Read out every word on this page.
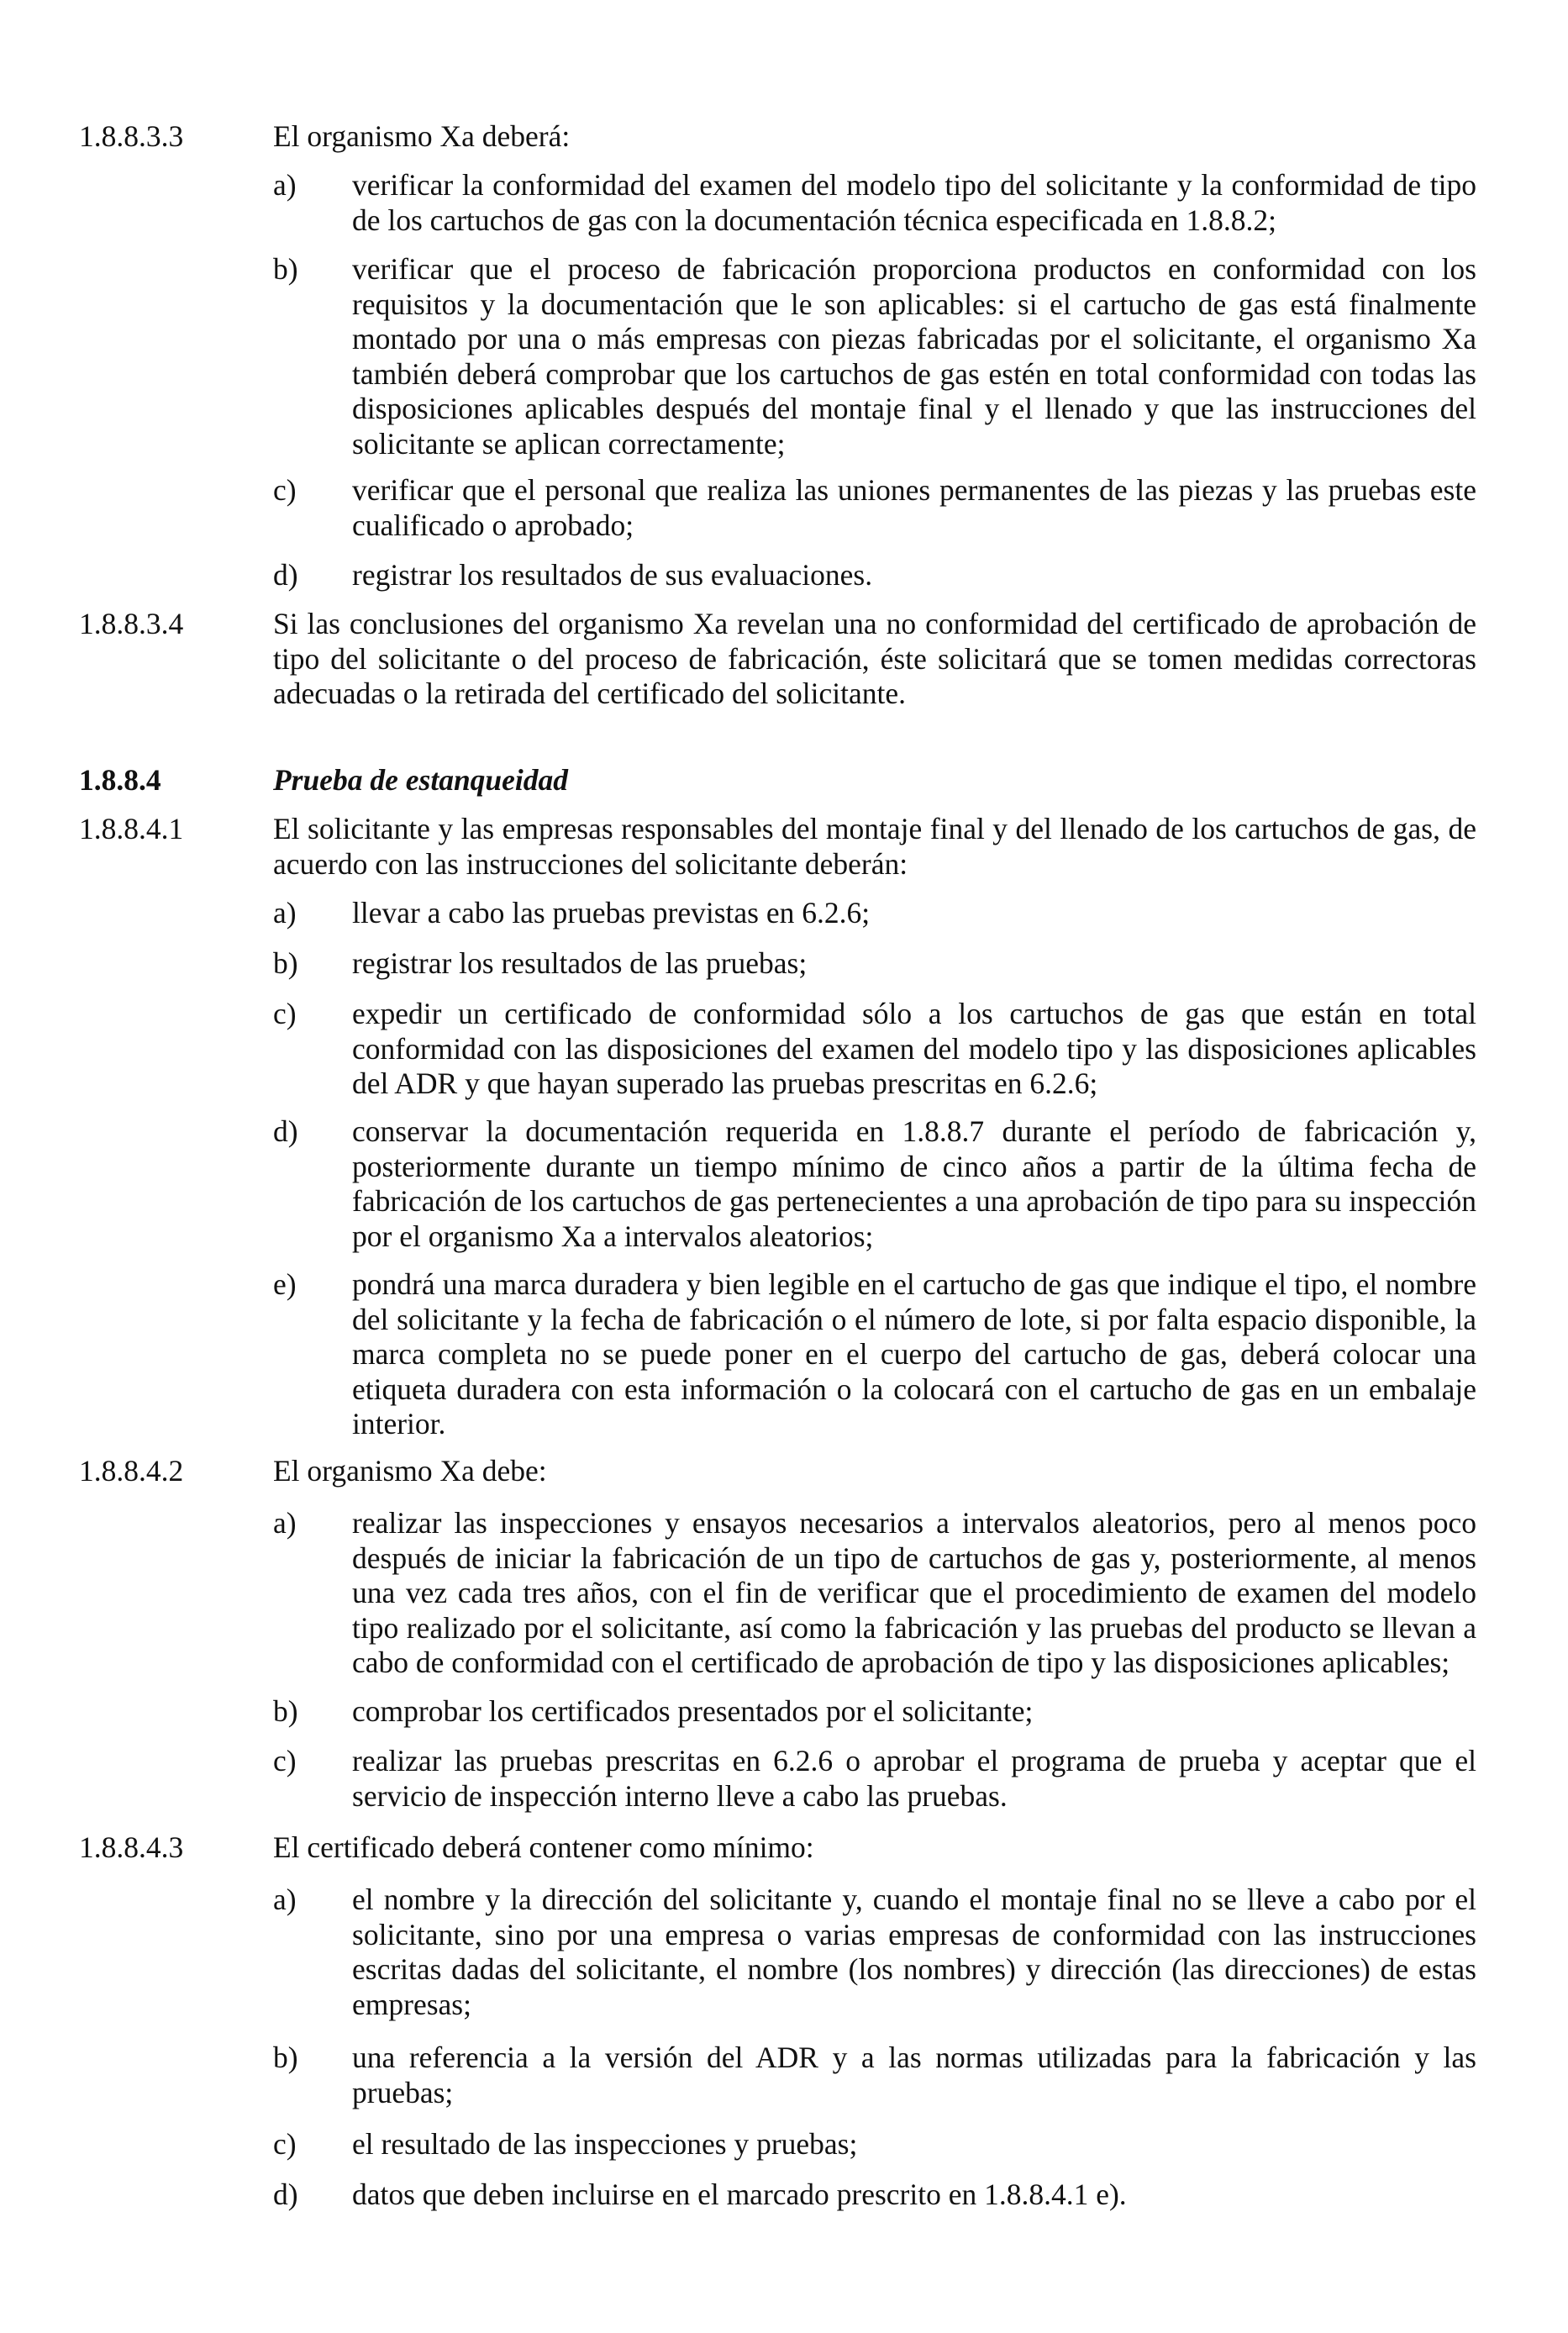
1.8.8.3.3	El organismo Xa deberá:
a) verificar la conformidad del examen del modelo tipo del solicitante y la conformidad de tipo de los cartuchos de gas con la documentación técnica especificada en 1.8.8.2;
b) verificar que el proceso de fabricación proporciona productos en conformidad con los requisitos y la documentación que le son aplicables: si el cartucho de gas está finalmente montado por una o más empresas con piezas fabricadas por el solicitante, el organismo Xa también deberá comprobar que los cartuchos de gas estén en total conformidad con todas las disposiciones aplicables después del montaje final y el llenado y que las instrucciones del solicitante se aplican correctamente;
c) verificar que el personal que realiza las uniones permanentes de las piezas y las pruebas este cualificado o aprobado;
d) registrar los resultados de sus evaluaciones.
1.8.8.3.4	Si las conclusiones del organismo Xa revelan una no conformidad del certificado de aprobación de tipo del solicitante o del proceso de fabricación, éste solicitará que se tomen medidas correctoras adecuadas o la retirada del certificado del solicitante.
1.8.8.4	Prueba de estanqueidad
1.8.8.4.1	El solicitante y las empresas responsables del montaje final y del llenado de los cartuchos de gas, de acuerdo con las instrucciones del solicitante deberán:
a) llevar a cabo las pruebas previstas en 6.2.6;
b) registrar los resultados de las pruebas;
c) expedir un certificado de conformidad sólo a los cartuchos de gas que están en total conformidad con las disposiciones del examen del modelo tipo y las disposiciones aplicables del ADR y que hayan superado las pruebas prescritas en 6.2.6;
d) conservar la documentación requerida en 1.8.8.7 durante el período de fabricación y, posteriormente durante un tiempo mínimo de cinco años a partir de la última fecha de fabricación de los cartuchos de gas pertenecientes a una aprobación de tipo para su inspección por el organismo Xa a intervalos aleatorios;
e) pondrá una marca duradera y bien legible en el cartucho de gas que indique el tipo, el nombre del solicitante y la fecha de fabricación o el número de lote, si por falta espacio disponible, la marca completa no se puede poner en el cuerpo del cartucho de gas, deberá colocar una etiqueta duradera con esta información o la colocará con el cartucho de gas en un embalaje interior.
1.8.8.4.2	El organismo Xa debe:
a) realizar las inspecciones y ensayos necesarios a intervalos aleatorios, pero al menos poco después de iniciar la fabricación de un tipo de cartuchos de gas y, posteriormente, al menos una vez cada tres años, con el fin de verificar que el procedimiento de examen del modelo tipo realizado por el solicitante, así como la fabricación y las pruebas del producto se llevan a cabo de conformidad con el certificado de aprobación de tipo y las disposiciones aplicables;
b) comprobar los certificados presentados por el solicitante;
c) realizar las pruebas prescritas en 6.2.6 o aprobar el programa de prueba y aceptar que el servicio de inspección interno lleve a cabo las pruebas.
1.8.8.4.3	El certificado deberá contener como mínimo:
a) el nombre y la dirección del solicitante y, cuando el montaje final no se lleve a cabo por el solicitante, sino por una empresa o varias empresas de conformidad con las instrucciones escritas dadas del solicitante, el nombre (los nombres) y dirección (las direcciones) de estas empresas;
b) una referencia a la versión del ADR y a las normas utilizadas para la fabricación y las pruebas;
c) el resultado de las inspecciones y pruebas;
d) datos que deben incluirse en el marcado prescrito en 1.8.8.4.1 e).
